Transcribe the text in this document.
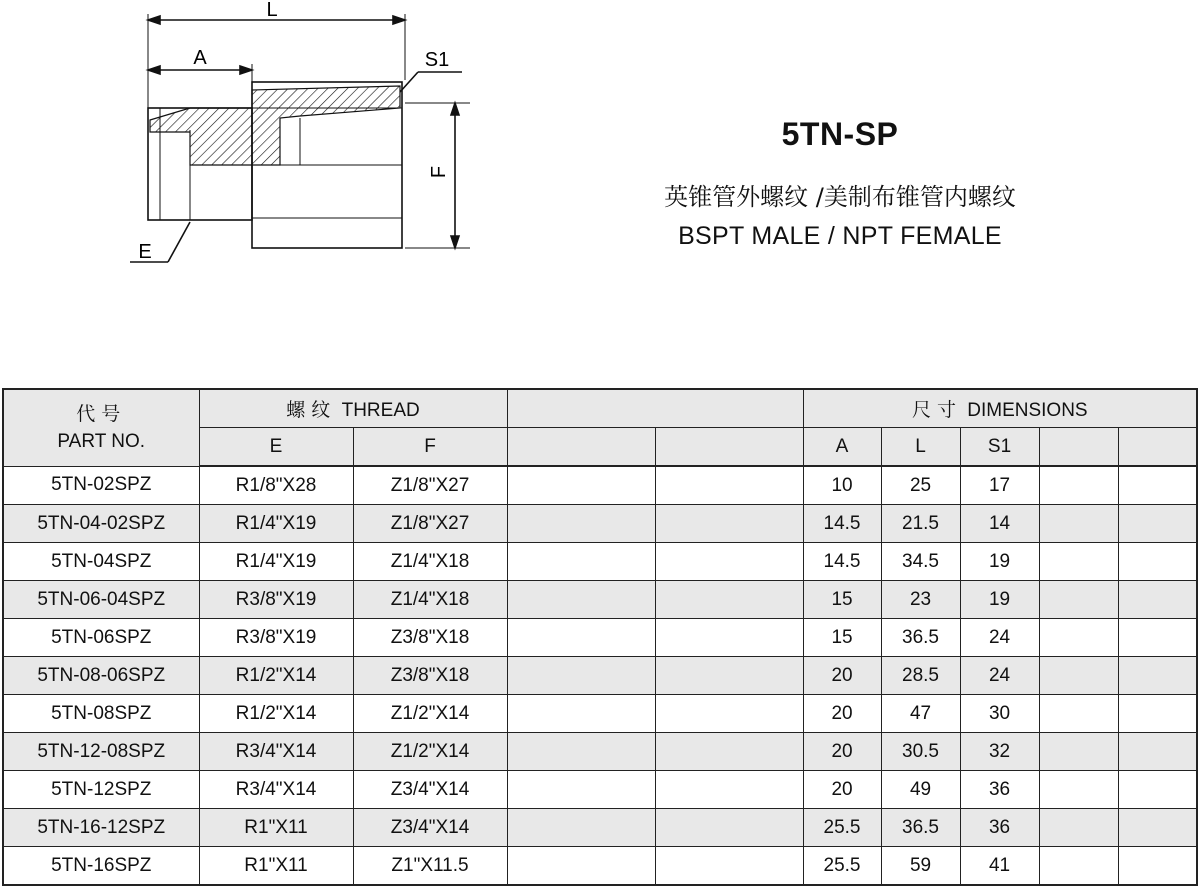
L
A	S1
F
E
5TN-SP
英锥管外螺纹 /美制布锥管内螺纹
BSPT MALE / NPT FEMALE
代号
PART NO.	螺纹 THREAD				尺寸 DIMENSIONS				
	E	F			A	L	S1		
5TN-02SPZ	R1/8"X28	Z1/8"X27			10	25	17		
5TN-04-02SPZ	R1/4"X19	Z1/8"X27			14.5	21.5	14		
5TN-04SPZ	R1/4"X19	Z1/4"X18			14.5	34.5	19		
5TN-06-04SPZ	R3/8"X19	Z1/4"X18			15	23	19		
5TN-06SPZ	R3/8"X19	Z3/8"X18			15	36.5	24		
5TN-08-06SPZ	R1/2"X14	Z3/8"X18			20	28.5	24		
5TN-08SPZ	R1/2"X14	Z1/2"X14			20	47	30		
5TN-12-08SPZ	R3/4"X14	Z1/2"X14			20	30.5	32		
5TN-12SPZ	R3/4"X14	Z3/4"X14			20	49	36		
5TN-16-12SPZ	R1"X11	Z3/4"X14			25.5	36.5	36		
5TN-16SPZ	R1"X11	Z1"X11.5			25.5	59	41		
